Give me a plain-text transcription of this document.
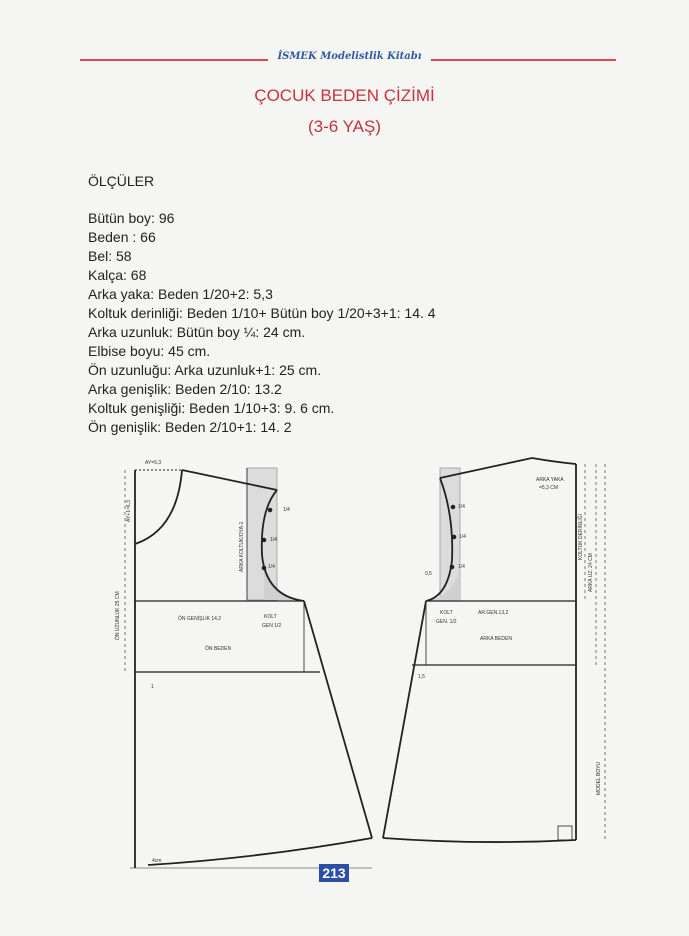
İSMEK Modelistlik Kitabı
ÇOCUK BEDEN ÇİZİMİ
(3-6 YAŞ)
ÖLÇÜLER
Bütün boy: 96
Beden : 66
Bel: 58
Kalça: 68
Arka yaka: Beden 1/20+2: 5,3
Koltuk derinliği: Beden 1/10+ Bütün boy 1/20+3+1: 14. 4
Arka uzunluk: Bütün boy ¼: 24 cm.
Elbise boyu: 45 cm.
Ön uzunluğu: Arka uzunluk+1: 25 cm.
Arka genişlik: Beden 2/10: 13.2
Koltuk genişliği: Beden 1/10+3: 9. 6 cm.
Ön genişlik: Beden 2/10+1: 14. 2
AY=5,3
AY+1=6,3
ÖN UZUNLUK 25 CM
ARKA KOLTUK/OYA-1
1/4
1/4
1/4
ÖN GENİŞLİK 14,2	KOLT
GEN 1/2
ÖN BEDEN
1
4cm
ARKA YAKA
=5,3 CM
KOLTUK DERİNLİĞİ
ARKA UZ. 24 CM
1/4
1/4
1/4
0,5
KOLT
GEN. 1/2
AR.GEN.13,2
ARKA BEDEN
1,5
MODEL BOYU
213
